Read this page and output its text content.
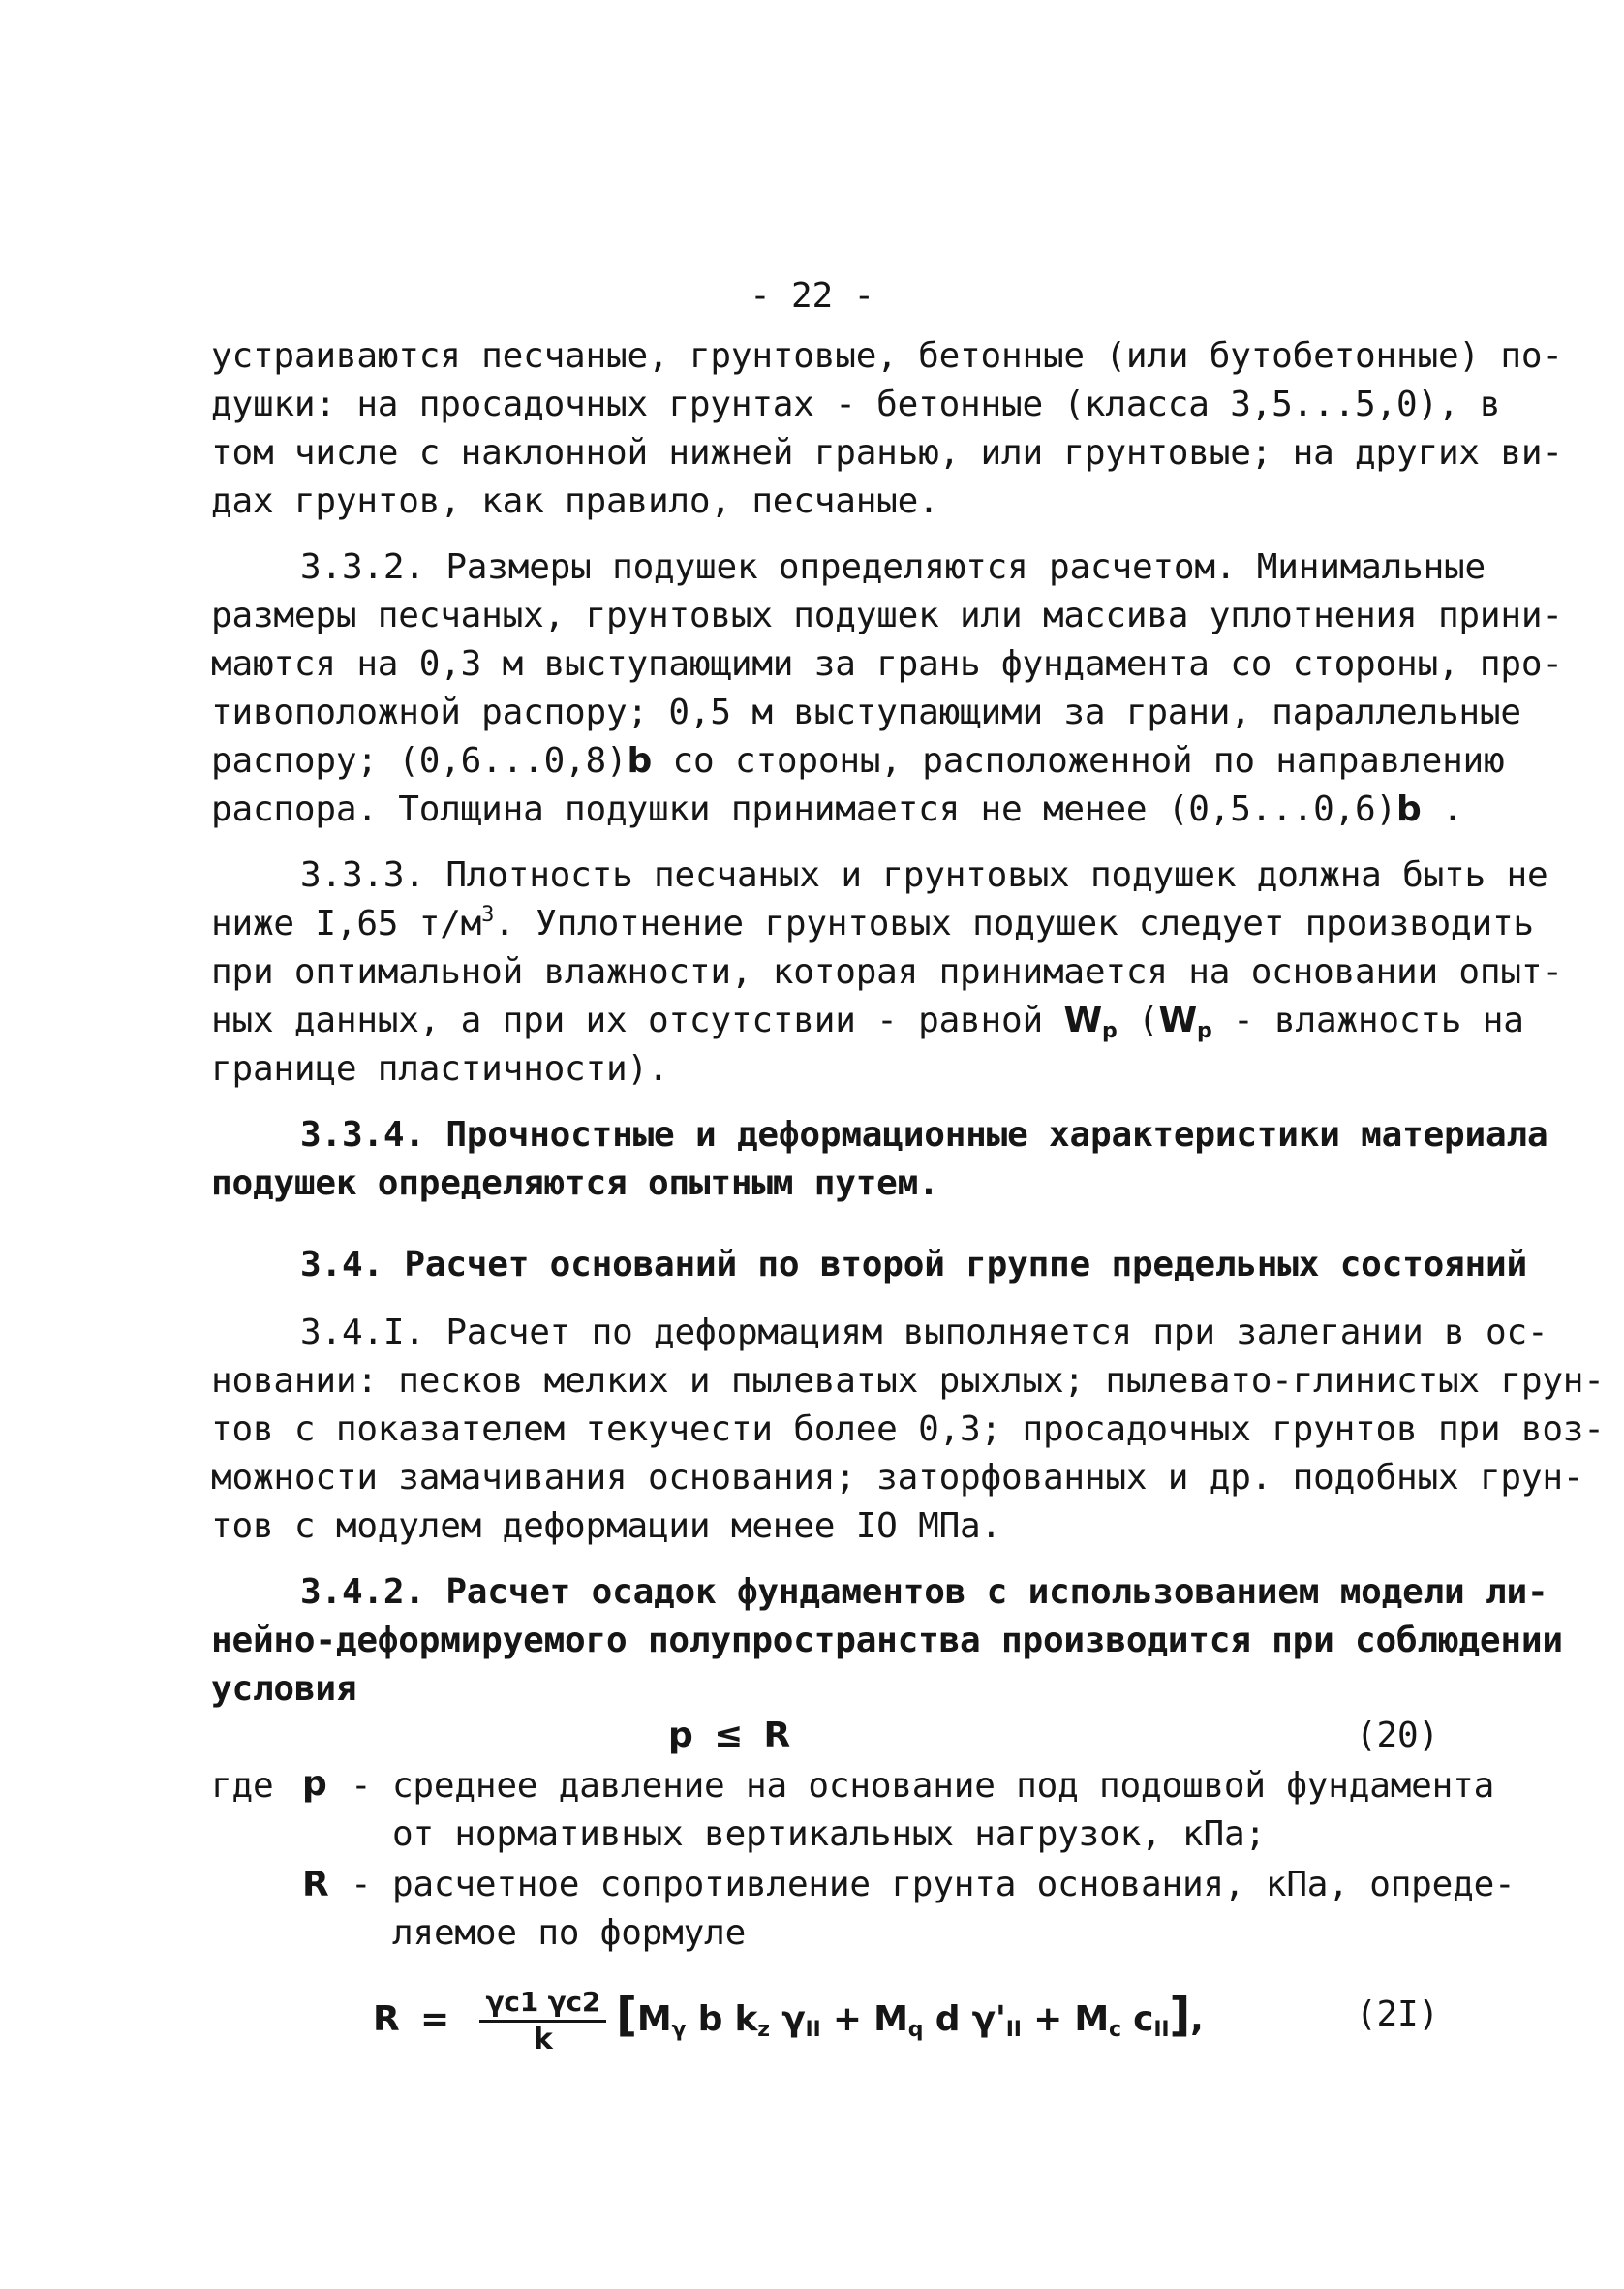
- 22 -
устраиваются песчаные, грунтовые, бетонные (или бутобетонные) по-
душки: на просадочных грунтах - бетонные (класса 3,5...5,0), в
том числе с наклонной нижней гранью, или грунтовые; на других ви-
дах грунтов, как правило, песчаные.
3.3.2. Размеры подушек определяются расчетом. Минимальные
размеры песчаных, грунтовых подушек или массива уплотнения прини-
маются на 0,3 м выступающими за грань фундамента со стороны, про-
тивоположной распору; 0,5 м выступающими за грани, параллельные
распору; (0,6...0,8)b со стороны, расположенной по направлению
распора. Толщина подушки принимается не менее (0,5...0,6)b .
3.3.3. Плотность песчаных и грунтовых подушек должна быть не
ниже I,65 $т/м^3$. Уплотнение грунтовых подушек следует производить
при оптимальной влажности, которая принимается на основании опыт-
ных данных, а при их отсутствии - равной $W_p$ ($W_p$ - влажность на
границе пластичности).
3.3.4. Прочностные и деформационные характеристики материала
подушек определяются опытным путем.
3.4. Расчет оснований по второй группе предельных состояний
3.4.I. Расчет по деформациям выполняется при залегании в ос-
новании: песков мелких и пылеватых рыхлых; пылевато-глинистых грун-
тов с показателем текучести более 0,3; просадочных грунтов при воз-
можности замачивания основания; заторфованных и др. подобных грун-
тов с модулем деформации менее IO МПа.
3.4.2. Расчет осадок фундаментов с использованием модели ли-
нейно-деформируемого полупространства производится при соблюдении
условия
p ≤ R	(20)
где p - среднее давление на основание под подошвой фундамента
от нормативных вертикальных нагрузок, кПа;
R - расчетное сопротивление грунта основания, кПа, опреде-
ляемое по формуле
$R = \frac{\gamma c1 \gamma c2}{k} [M_\gamma$ b $k_z$ $\gamma_{II} + M_q$ d $\gamma'_{II} + M_c$ $c_{II}$],	(2I)
